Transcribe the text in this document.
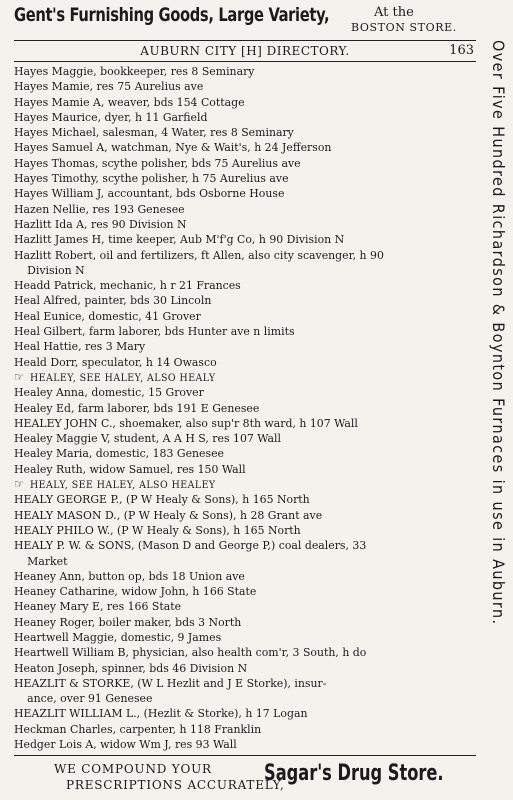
Gent's Furnishing Goods, Large Variety,	At the
BOSTON STORE.
AUBURN CITY [H] DIRECTORY.	163
Hayes Maggie, bookkeeper, res 8 Seminary
Hayes Mamie, res 75 Aurelius ave
Hayes Mamie A, weaver, bds 154 Cottage
Hayes Maurice, dyer, h 11 Garfield
Hayes Michael, salesman, 4 Water, res 8 Seminary
Hayes Samuel A, watchman, Nye & Wait's, h 24 Jefferson
Hayes Thomas, scythe polisher, bds 75 Aurelius ave
Hayes Timothy, scythe polisher, h 75 Aurelius ave
Hayes William J, accountant, bds Osborne House
Hazen Nellie, res 193 Genesee
Hazlitt Ida A, res 90 Division N
Hazlitt James H, time keeper, Aub M'f'g Co, h 90 Division N
Hazlitt Robert, oil and fertilizers, ft Allen, also city scavenger, h 90
Division N
Headd Patrick, mechanic, h r 21 Frances
Heal Alfred, painter, bds 30 Lincoln
Heal Eunice, domestic, 41 Grover
Heal Gilbert, farm laborer, bds Hunter ave n limits
Heal Hattie, res 3 Mary
Heald Dorr, speculator, h 14 Owasco
☞ HEALEY, SEE HALEY, ALSO HEALY
Healey Anna, domestic, 15 Grover
Healey Ed, farm laborer, bds 191 E Genesee
HEALEY JOHN C., shoemaker, also sup'r 8th ward, h 107 Wall
Healey Maggie V, student, A A H S, res 107 Wall
Healey Maria, domestic, 183 Genesee
Healey Ruth, widow Samuel, res 150 Wall
☞ HEALY, SEE HALEY, ALSO HEALEY
HEALY GEORGE P., (P W Healy & Sons), h 165 North
HEALY MASON D., (P W Healy & Sons), h 28 Grant ave
HEALY PHILO W., (P W Healy & Sons), h 165 North
HEALY P. W. & SONS, (Mason D and George P,) coal dealers, 33
Market
Heaney Ann, button op, bds 18 Union ave
Heaney Catharine, widow John, h 166 State
Heaney Mary E, res 166 State
Heaney Roger, boiler maker, bds 3 North
Heartwell Maggie, domestic, 9 James
Heartwell William B, physician, also health com'r, 3 South, h do
Heaton Joseph, spinner, bds 46 Division N
HEAZLIT & STORKE, (W L Hezlit and J E Storke), insur-
ance, over 91 Genesee
HEAZLIT WILLIAM L., (Hezlit & Storke), h 17 Logan
Heckman Charles, carpenter, h 118 Franklin
Hedger Lois A, widow Wm J, res 93 Wall
Over Five Hundred Richardson & Boynton Furnaces in use in Auburn.
WE COMPOUND YOUR
PRESCRIPTIONS ACCURATELY,
Sagar's Drug Store.
